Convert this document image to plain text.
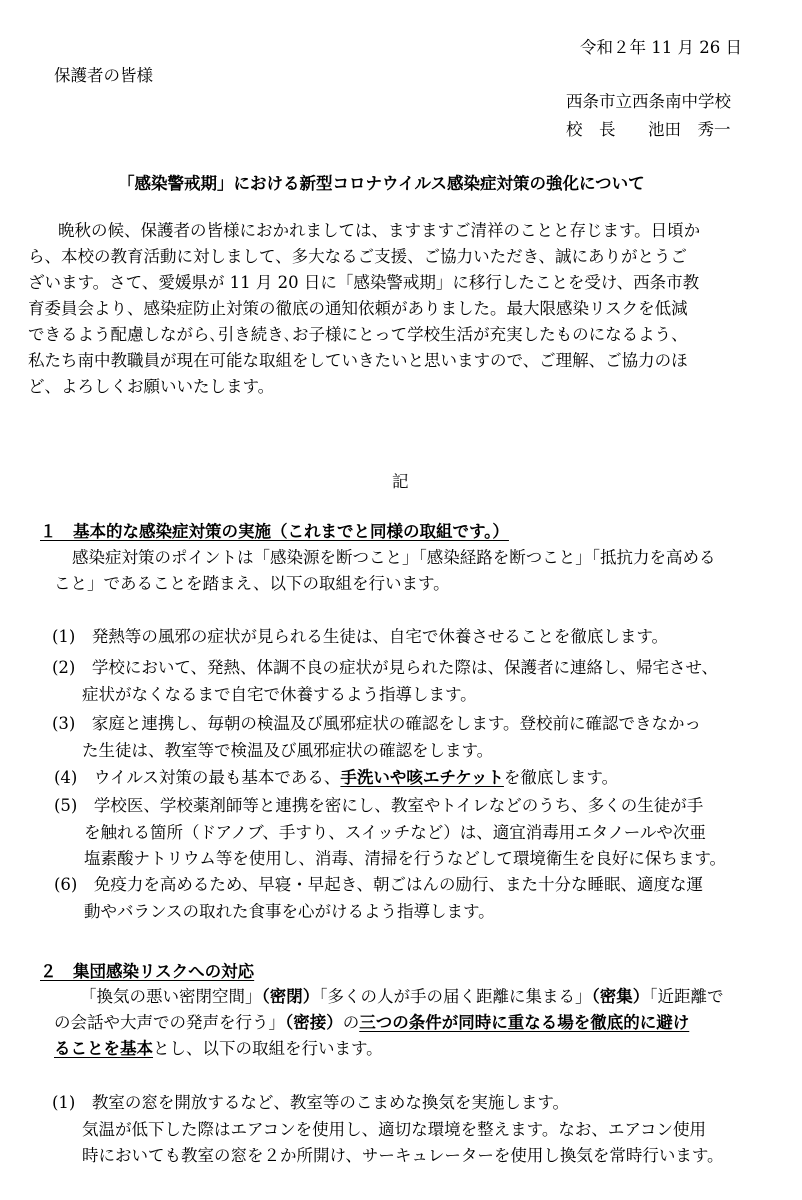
令和２年 11 月 26 日
保護者の皆様
西条市立西条南中学校
校　長 池田　秀一
「感染警戒期」における新型コロナウイルス感染症対策の強化について
晩秋の候、保護者の皆様におかれましては、ますますご清祥のことと存じます。日頃か
ら、本校の教育活動に対しまして、多大なるご支援、ご協力いただき、誠にありがとうご
ざいます。さて、愛媛県が 11 月 20 日に「感染警戒期」に移行したことを受け、西条市教
育委員会より、感染症防止対策の徹底の通知依頼がありました。最大限感染リスクを低減
できるよう配慮しながら､引き続き､お子様にとって学校生活が充実したものになるよう、
私たち南中教職員が現在可能な取組をしていきたいと思いますので、ご理解、ご協力のほ
ど、よろしくお願いいたします。
記
１　基本的な感染症対策の実施（これまでと同様の取組です。）
感染症対策のポイントは「感染源を断つこと」「感染経路を断つこと」「抵抗力を高める
こと」であることを踏まえ、以下の取組を行います。
(1)　発熱等の風邪の症状が見られる生徒は、自宅で休養させることを徹底します。
(2)　学校において、発熱、体調不良の症状が見られた際は、保護者に連絡し、帰宅させ、
症状がなくなるまで自宅で休養するよう指導します。
(3)　家庭と連携し、毎朝の検温及び風邪症状の確認をします。登校前に確認できなかっ
た生徒は、教室等で検温及び風邪症状の確認をします。
(4)　ウイルス対策の最も基本である、手洗いや咳エチケットを徹底します。
(5)　学校医、学校薬剤師等と連携を密にし、教室やトイレなどのうち、多くの生徒が手
を触れる箇所（ドアノブ、手すり、スイッチなど）は、適宜消毒用エタノールや次亜
塩素酸ナトリウム等を使用し、消毒、清掃を行うなどして環境衛生を良好に保ちます。
(6)　免疫力を高めるため、早寝・早起き、朝ごはんの励行、また十分な睡眠、適度な運
動やバランスの取れた食事を心がけるよう指導します。
２　集団感染リスクへの対応
「換気の悪い密閉空間」（密閉）「多くの人が手の届く距離に集まる」（密集）「近距離で
の会話や大声での発声を行う」（密接）の三つの条件が同時に重なる場を徹底的に避け
ることを基本とし、以下の取組を行います。
(1)　教室の窓を開放するなど、教室等のこまめな換気を実施します。
気温が低下した際はエアコンを使用し、適切な環境を整えます。なお、エアコン使用
時においても教室の窓を２か所開け、サーキュレーターを使用し換気を常時行います。
